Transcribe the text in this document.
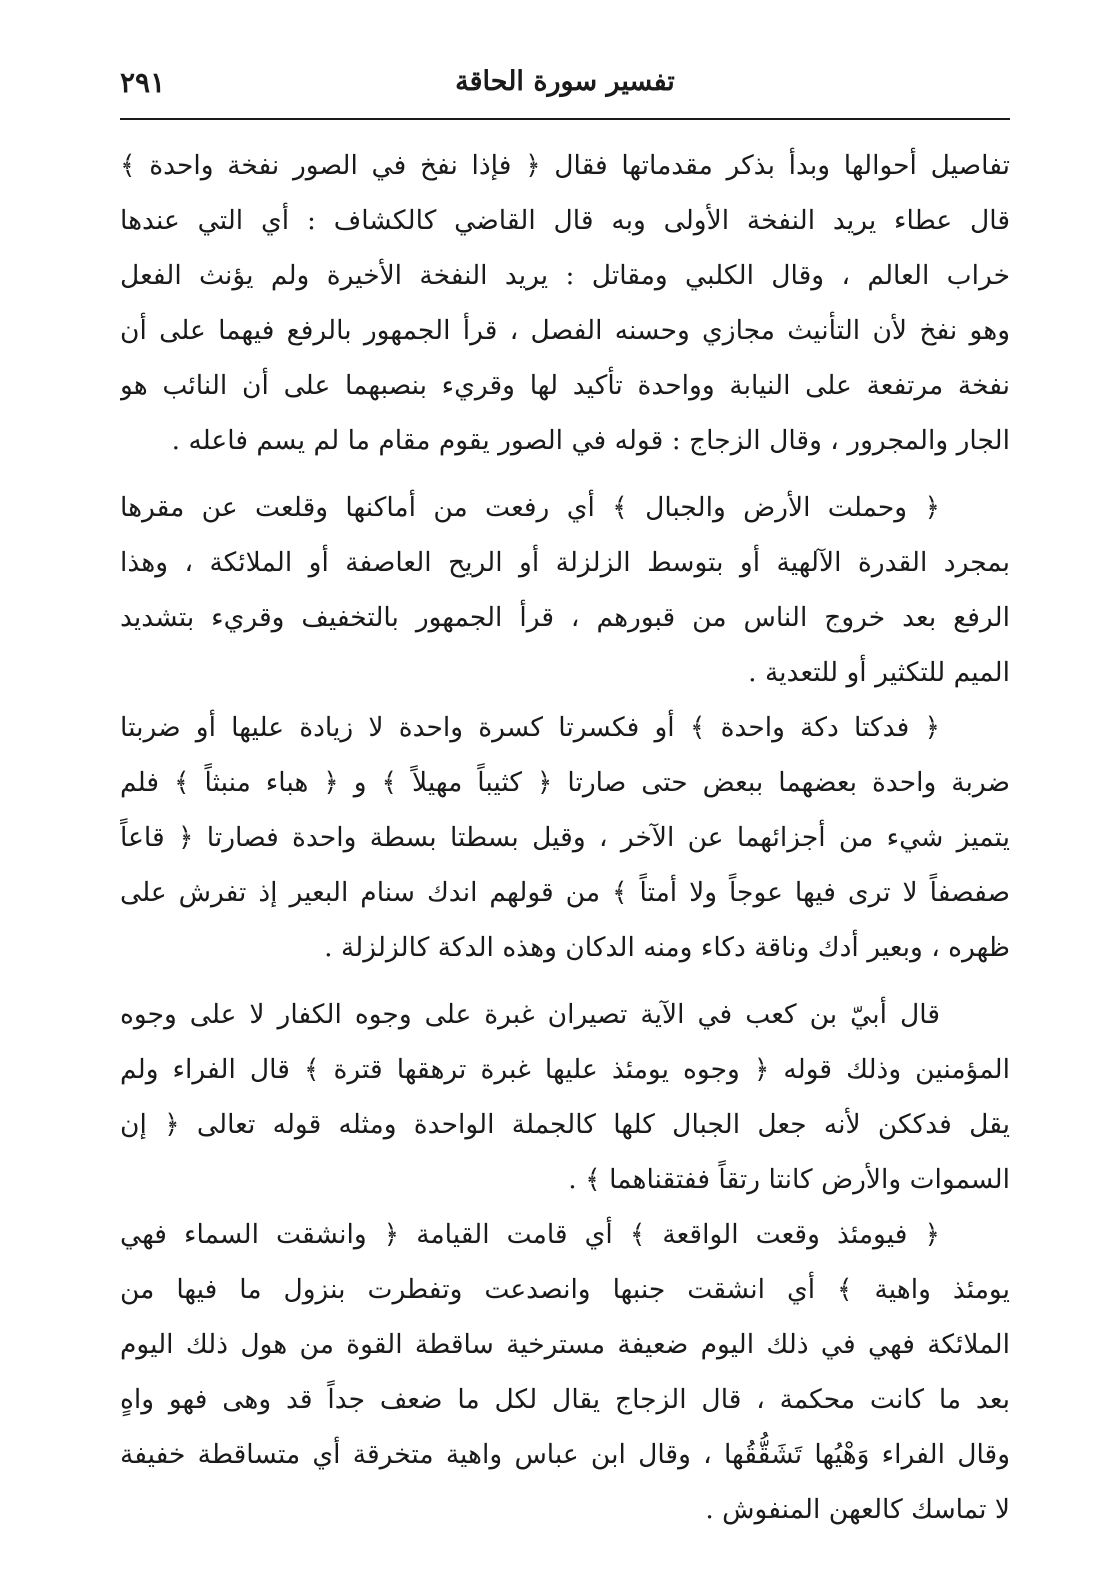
٢٩١	تفسير سورة الحاقة
تفاصيل أحوالها وبدأ بذكر مقدماتها فقال ﴿ فإذا نفخ في الصور نفخة واحدة ﴾
قال عطاء يريد النفخة الأولى وبه قال القاضي كالكشاف : أي التي عندها
خراب العالم ، وقال الكلبي ومقاتل : يريد النفخة الأخيرة ولم يؤنث الفعل
وهو نفخ لأن التأنيث مجازي وحسنه الفصل ، قرأ الجمهور بالرفع فيهما على أن
نفخة مرتفعة على النيابة وواحدة تأكيد لها وقريء بنصبهما على أن النائب هو
الجار والمجرور ، وقال الزجاج : قوله في الصور يقوم مقام ما لم يسم فاعله .
﴿ وحملت الأرض والجبال ﴾ أي رفعت من أماكنها وقلعت عن مقرها
بمجرد القدرة الآلهية أو بتوسط الزلزلة أو الريح العاصفة أو الملائكة ، وهذا
الرفع بعد خروج الناس من قبورهم ، قرأ الجمهور بالتخفيف وقريء بتشديد
الميم للتكثير أو للتعدية .
﴿ فدكتا دكة واحدة ﴾ أو فكسرتا كسرة واحدة لا زيادة عليها أو ضربتا
ضربة واحدة بعضهما ببعض حتى صارتا ﴿ كثيباً مهيلاً ﴾ و ﴿ هباء منبثاً ﴾ فلم
يتميز شيء من أجزائهما عن الآخر ، وقيل بسطتا بسطة واحدة فصارتا ﴿ قاعاً
صفصفاً لا ترى فيها عوجاً ولا أمتاً ﴾ من قولهم اندك سنام البعير إذ تفرش على
ظهره ، وبعير أدك وناقة دكاء ومنه الدكان وهذه الدكة كالزلزلة .
قال أبيّ بن كعب في الآية تصيران غبرة على وجوه الكفار لا على وجوه
المؤمنين وذلك قوله ﴿ وجوه يومئذ عليها غبرة ترهقها قترة ﴾ قال الفراء ولم
يقل فدككن لأنه جعل الجبال كلها كالجملة الواحدة ومثله قوله تعالى ﴿ إن
السموات والأرض كانتا رتقاً ففتقناهما ﴾ .
﴿ فيومئذ وقعت الواقعة ﴾ أي قامت القيامة ﴿ وانشقت السماء فهي
يومئذ واهية ﴾ أي انشقت جنبها وانصدعت وتفطرت بنزول ما فيها من
الملائكة فهي في ذلك اليوم ضعيفة مسترخية ساقطة القوة من هول ذلك اليوم
بعد ما كانت محكمة ، قال الزجاج يقال لكل ما ضعف جداً قد وهى فهو واهٍ
وقال الفراء وَهْيُها تَشَقُّقُها ، وقال ابن عباس واهية متخرقة أي متساقطة خفيفة
لا تماسك كالعهن المنفوش .
